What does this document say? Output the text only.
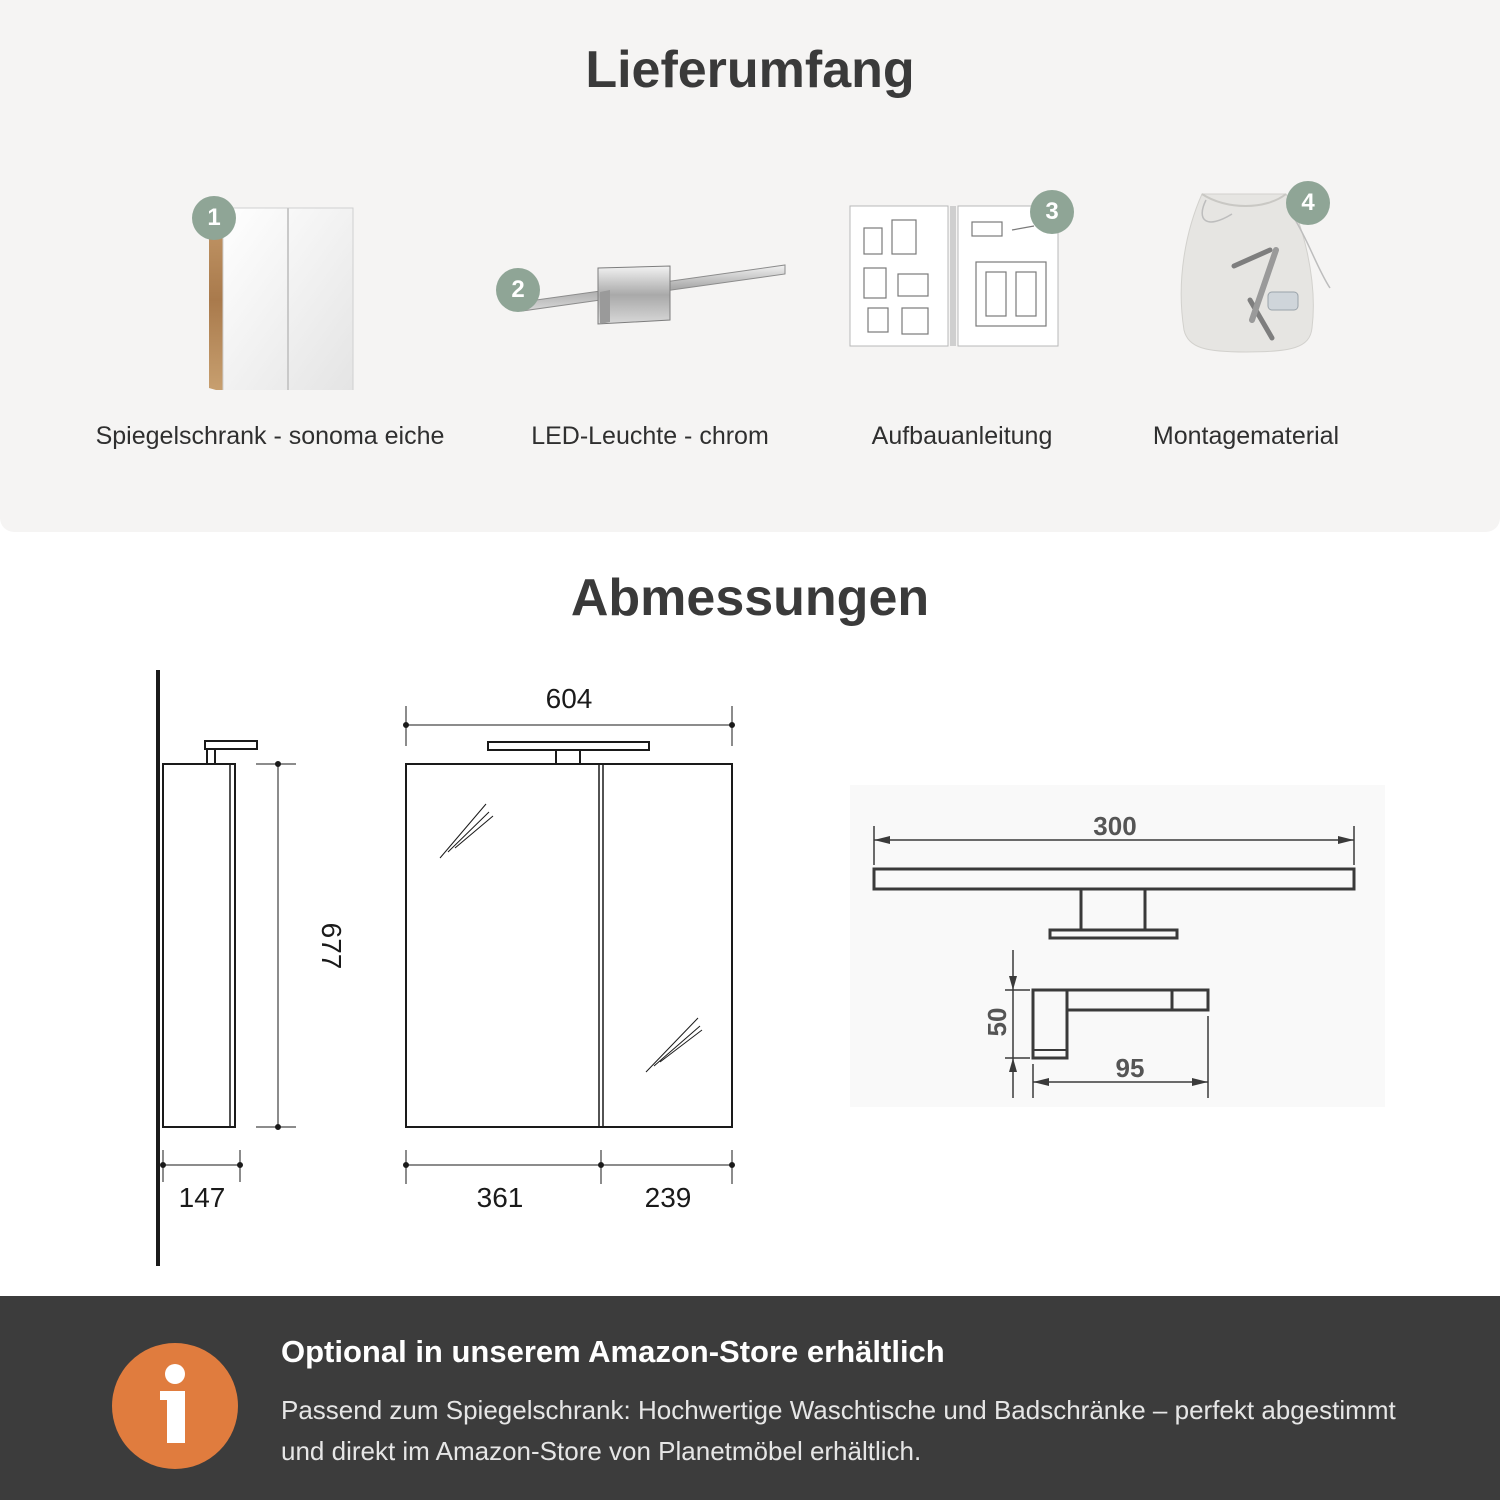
Lieferumfang
1
Spiegelschrank - sonoma eiche
2
LED-Leuchte - chrom
3
Aufbauanleitung
4
Montagematerial
Abmessungen
677
147
604
361	239
300
50
95
Optional in unserem Amazon-Store erhältlich
Passend zum Spiegelschrank: Hochwertige Waschtische und Badschränke – perfekt abgestimmt und direkt im Amazon-Store von Planetmöbel erhältlich.
